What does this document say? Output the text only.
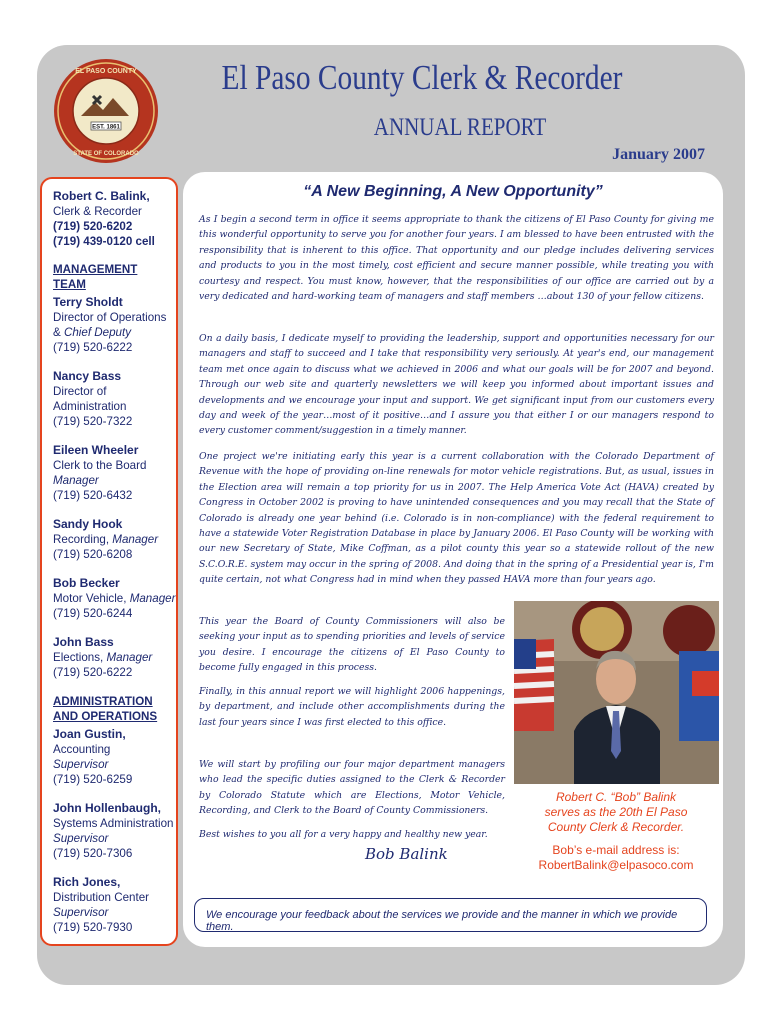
EST. 1861
EL PASO COUNTY
STATE OF COLORADO
El Paso County Clerk & Recorder
ANNUAL REPORT
January 2007
Robert C. Balink,
Clerk & Recorder
(719) 520-6202
(719) 439-0120 cell
MANAGEMENT
TEAM
Terry Sholdt
Director of Operations
& Chief Deputy
(719) 520-6222
Nancy Bass
Director of
Administration
(719) 520-7322
Eileen Wheeler
Clerk to the Board
Manager
(719) 520-6432
Sandy Hook
Recording, Manager
(719) 520-6208
Bob Becker
Motor Vehicle, Manager
(719) 520-6244
John Bass
Elections, Manager
(719) 520-6222
ADMINISTRATION
AND OPERATIONS
Joan Gustin,
Accounting
Supervisor
(719) 520-6259
John Hollenbaugh,
Systems Administration
Supervisor
(719) 520-7306
Rich Jones,
Distribution Center
Supervisor
(719) 520-7930
“A New Beginning, A New Opportunity”
As I begin a second term in office it seems appropriate to thank the citizens of El Paso County for giving me this wonderful opportunity to serve you for another four years. I am blessed to have been entrusted with the responsibility that is inherent to this office. That opportunity and our pledge includes delivering services and products to you in the most timely, cost efficient and secure manner possible, while treating you with courtesy and respect. You must know, however, that the responsibilities of our office are carried out by a very dedicated and hard-working team of managers and staff members …about 130 of your fellow citizens.
On a daily basis, I dedicate myself to providing the leadership, support and opportunities necessary for our managers and staff to succeed and I take that responsibility very seriously. At year's end, our management team met once again to discuss what we achieved in 2006 and what our goals will be for 2007 and beyond. Through our web site and quarterly newsletters we will keep you informed about important issues and developments and we encourage your input and support. We get significant input from our customers every day and week of the year…most of it positive…and I assure you that either I or our managers respond to every customer comment/suggestion in a timely manner.
One project we're initiating early this year is a current collaboration with the Colorado Department of Revenue with the hope of providing on-line renewals for motor vehicle registrations. But, as usual, issues in the Election area will remain a top priority for us in 2007. The Help America Vote Act (HAVA) created by Congress in October 2002 is proving to have unintended consequences and you may recall that the State of Colorado is already one year behind (i.e. Colorado is in non-compliance) with the federal requirement to have a statewide Voter Registration Database in place by January 2006. El Paso County will be working with our new Secretary of State, Mike Coffman, as a pilot county this year so a statewide rollout of the new S.C.O.R.E. system may occur in the spring of 2008. And doing that in the spring of a Presidential year is, I'm quite certain, not what Congress had in mind when they passed HAVA more than four years ago.
This year the Board of County Commissioners will also be seeking your input as to spending priorities and levels of service you desire. I encourage the citizens of El Paso County to become fully engaged in this process.
Finally, in this annual report we will highlight 2006 happenings, by department, and include other accomplishments during the last four years since I was first elected to this office.
We will start by profiling our four major department managers who lead the specific duties assigned to the Clerk & Recorder by Colorado Statute which are Elections, Motor Vehicle, Recording, and Clerk to the Board of County Commissioners.
Best wishes to you all for a very happy and healthy new year.
Bob Balink
Robert C. “Bob” Balink
serves as the 20th El Paso
County Clerk & Recorder.
Bob’s e-mail address is:
RobertBalink@elpasoco.com
We encourage your feedback about the services we provide and the manner in which we provide them.
